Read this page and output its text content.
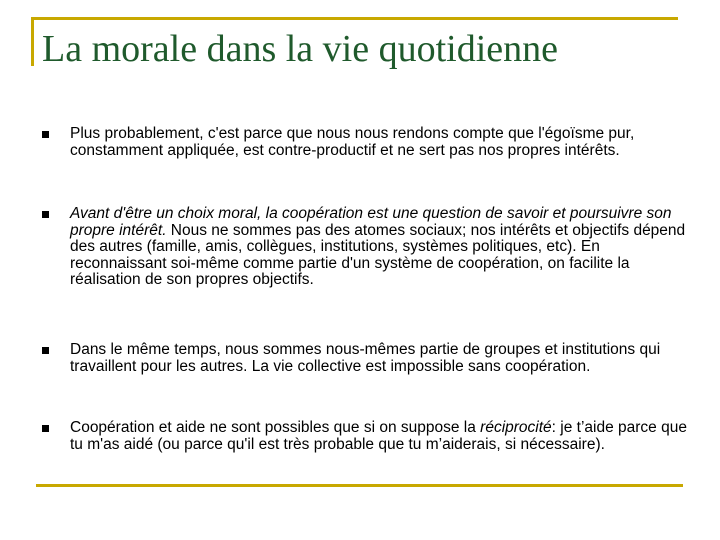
La morale dans la vie quotidienne

Plus probablement, c'est parce que nous nous rendons compte que l'égoïsme pur, constamment appliquée, est contre-productif et ne sert pas nos propres intérêts.

Avant d'être un choix moral, la coopération est une question de savoir et poursuivre son propre intérêt. Nous ne sommes pas des atomes sociaux; nos intérêts et objectifs dépend des autres (famille, amis, collègues, institutions, systèmes politiques, etc). En reconnaissant soi-même comme partie d'un système de coopération, on facilite la réalisation de son propres objectifs.

Dans le même temps, nous sommes nous-mêmes partie de groupes et institutions qui travaillent pour les autres. La vie collective est impossible sans coopération.

Coopération et aide ne sont possibles que si on suppose la réciprocité: je t’aide parce que tu m'as aidé (ou parce qu'il est très probable que tu m’aiderais, si nécessaire).
